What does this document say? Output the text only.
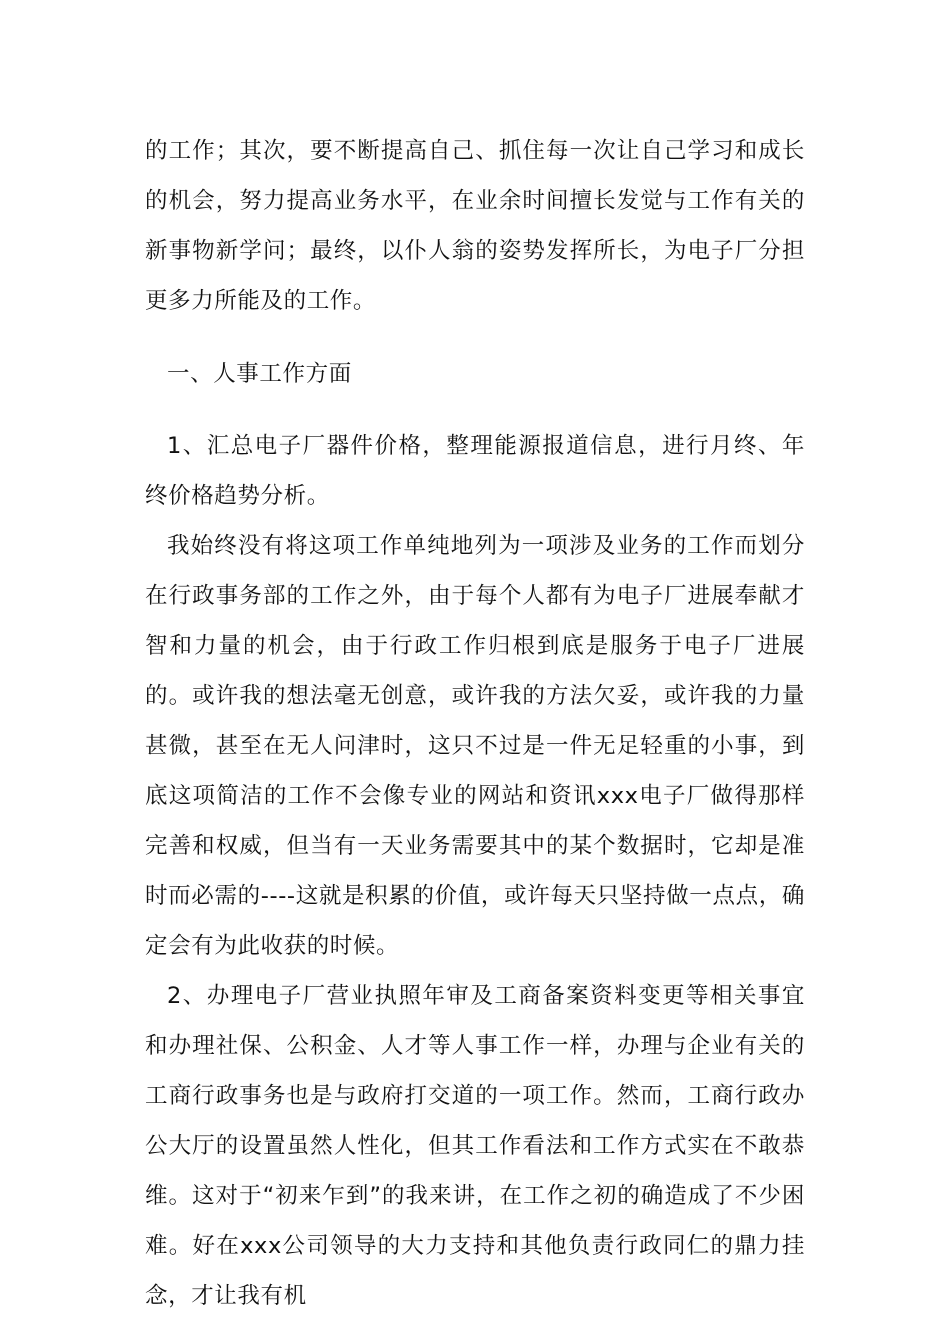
的工作；其次，要不断提高自己、抓住每一次让自己学习和成长的机会，努力提高业务水平，在业余时间擅长发觉与工作有关的新事物新学问；最终，以仆人翁的姿势发挥所长，为电子厂分担更多力所能及的工作。

一、人事工作方面

1、汇总电子厂器件价格，整理能源报道信息，进行月终、年终价格趋势分析。

我始终没有将这项工作单纯地列为一项涉及业务的工作而划分在行政事务部的工作之外，由于每个人都有为电子厂进展奉献才智和力量的机会，由于行政工作归根到底是服务于电子厂进展的。或许我的想法毫无创意，或许我的方法欠妥，或许我的力量甚微，甚至在无人问津时，这只不过是一件无足轻重的小事，到底这项简洁的工作不会像专业的网站和资讯xxx电子厂做得那样完善和权威，但当有一天业务需要其中的某个数据时，它却是准时而必需的----这就是积累的价值，或许每天只坚持做一点点，确定会有为此收获的时候。

2、办理电子厂营业执照年审及工商备案资料变更等相关事宜和办理社保、公积金、人才等人事工作一样，办理与企业有关的工商行政事务也是与政府打交道的一项工作。然而，工商行政办公大厅的设置虽然人性化，但其工作看法和工作方式实在不敢恭维。这对于“初来乍到”的我来讲，在工作之初的确造成了不少困难。好在xxx公司领导的大力支持和其他负责行政同仁的鼎力挂念，才让我有机
